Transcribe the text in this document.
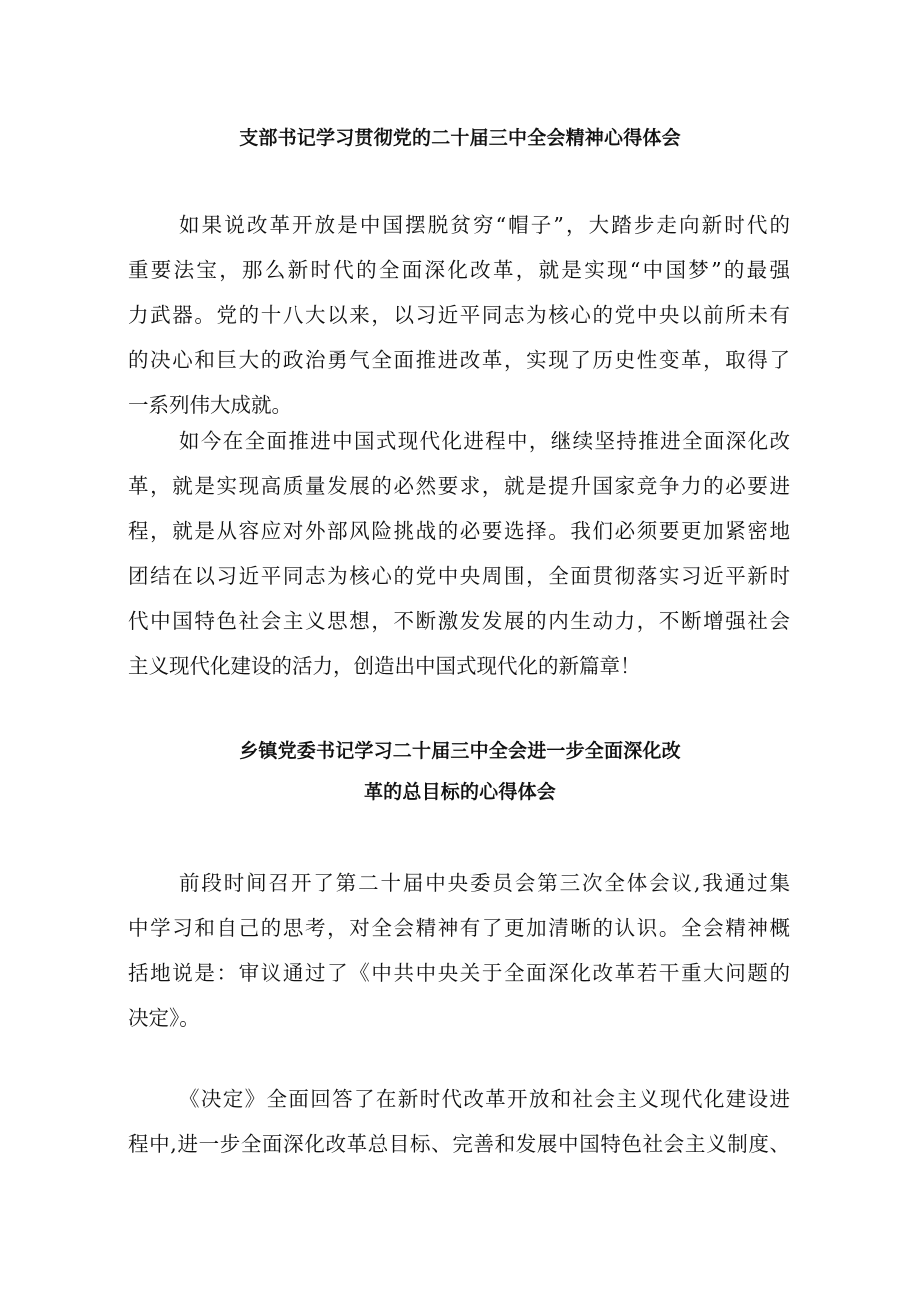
支部书记学习贯彻党的二十届三中全会精神心得体会
如果说改革开放是中国摆脱贫穷“帽子”，大踏步走向新时代的
重要法宝，那么新时代的全面深化改革，就是实现“中国梦”的最强
力武器。党的十八大以来，以习近平同志为核心的党中央以前所未有
的决心和巨大的政治勇气全面推进改革，实现了历史性变革，取得了
一系列伟大成就。
如今在全面推进中国式现代化进程中，继续坚持推进全面深化改
革，就是实现高质量发展的必然要求，就是提升国家竞争力的必要进
程，就是从容应对外部风险挑战的必要选择。我们必须要更加紧密地
团结在以习近平同志为核心的党中央周围，全面贯彻落实习近平新时
代中国特色社会主义思想，不断激发发展的内生动力，不断增强社会
主义现代化建设的活力，创造出中国式现代化的新篇章！
乡镇党委书记学习二十届三中全会进一步全面深化改
革的总目标的心得体会
前段时间召开了第二十届中央委员会第三次全体会议,我通过集
中学习和自己的思考，对全会精神有了更加清晰的认识。全会精神概
括地说是：审议通过了《中共中央关于全面深化改革若干重大问题的
决定》。
《决定》全面回答了在新时代改革开放和社会主义现代化建设进
程中,进一步全面深化改革总目标、完善和发展中国特色社会主义制度、
